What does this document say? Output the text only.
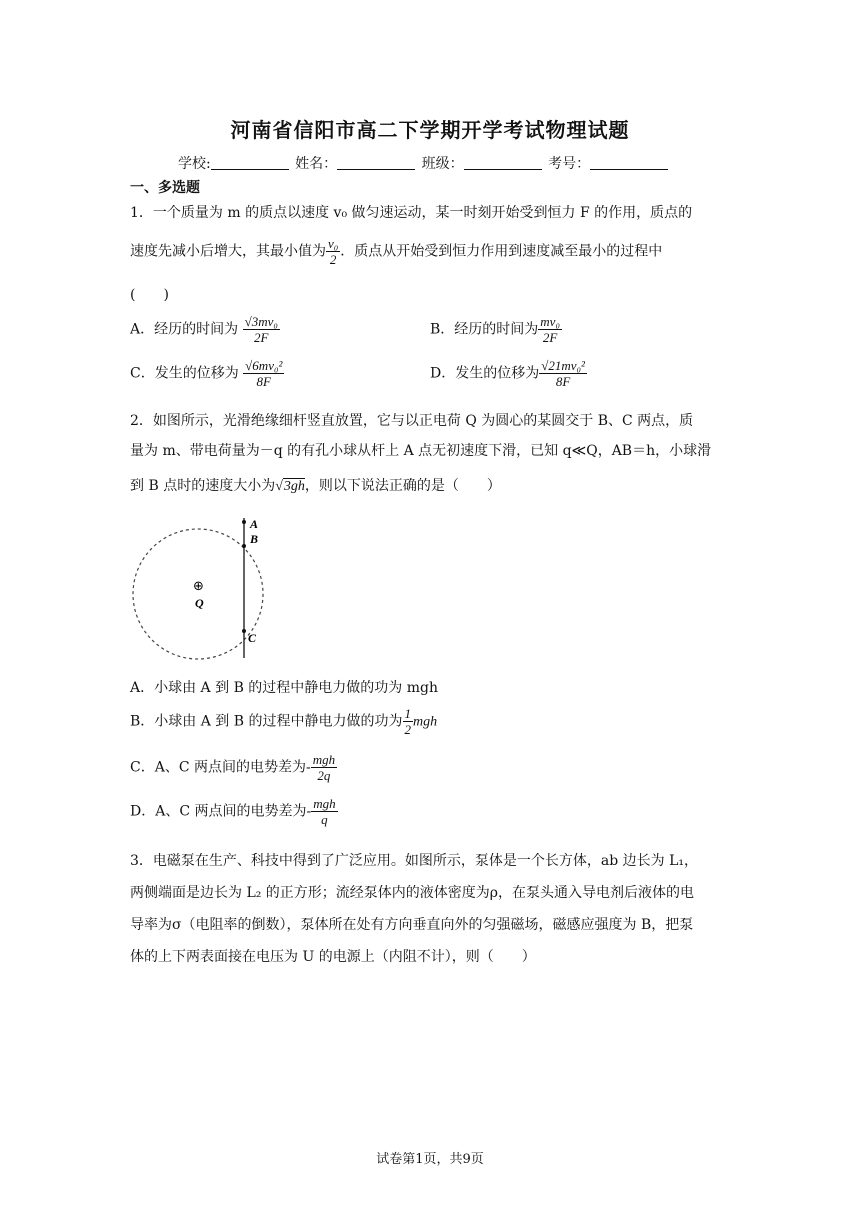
河南省信阳市高二下学期开学考试物理试题
学校:	姓名：	班级：	考号：
一、多选题
1．一个质量为 m 的质点以速度 v₀ 做匀速运动，某一时刻开始受到恒力 F 的作用，质点的
速度先减小后增大，其最小值为 $\frac{\text{v₀}}{2}$ ．质点从开始受到恒力作用到速度减至最小的过程中
(　　)
A．经历的时间为 $\frac{\text{√3mv₀}}{2F}$	B．经历的时间为 $\frac{\text{mv₀}}{2F}$
C．发生的位移为 $\frac{\text{√6mv₀²}}{8F}$	D．发生的位移为 $\frac{\text{√21mv₀²}}{8F}$
2．如图所示，光滑绝缘细杆竖直放置，它与以正电荷 Q 为圆心的某圆交于 B、C 两点，质
量为 m、带电荷量为－q 的有孔小球从杆上 A 点无初速度下滑，已知 q≪Q，AB＝h，小球滑
到 B 点时的速度大小为√3gh，则以下说法正确的是（　　）
A
B
C
⊕
Q
A．小球由 A 到 B 的过程中静电力做的功为 mgh
B．小球由 A 到 B 的过程中静电力做的功为 $\frac{1}{2}$ mgh
C．A、C 两点间的电势差为- $\frac{\text{mgh}}{2q}$
D．A、C 两点间的电势差为- $\frac{\text{mgh}}{q}$
3．电磁泵在生产、科技中得到了广泛应用。如图所示，泵体是一个长方体，ab 边长为 L₁，
两侧端面是边长为 L₂ 的正方形；流经泵体内的液体密度为ρ，在泵头通入导电剂后液体的电
导率为σ（电阻率的倒数），泵体所在处有方向垂直向外的匀强磁场，磁感应强度为 B，把泵
体的上下两表面接在电压为 U 的电源上（内阻不计），则（　　）
试卷第1页，共9页
